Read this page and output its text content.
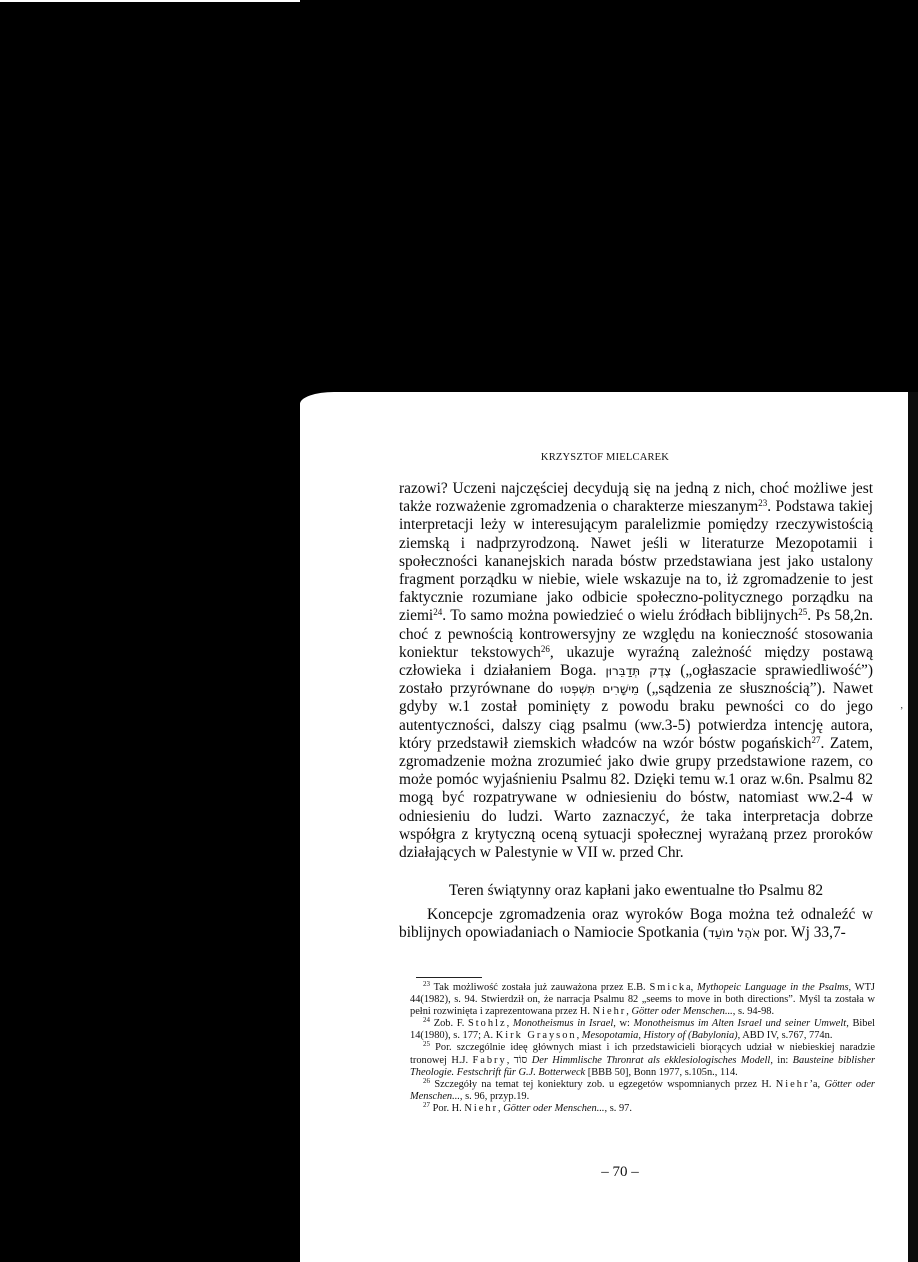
KRZYSZTOF MIELCAREK

razowi? Uczeni najczęściej decydują się na jedną z nich, choć możliwe jest także rozważenie zgromadzenia o charakterze mieszanym$^{23}$. Podstawa takiej interpretacji leży w interesującym paralelizmie pomiędzy rzeczywistością ziemską i nadprzyrodzoną. Nawet jeśli w literaturze Mezopotamii i społeczności kananejskich narada bóstw przedstawiana jest jako ustalony fragment porządku w niebie, wiele wskazuje na to, iż zgromadzenie to jest faktycznie rozumiane jako odbicie społeczno-politycznego porządku na ziemi$^{24}$. To samo można powiedzieć o wielu źródłach biblijnych$^{25}$. Ps 58,2n. choć z pewnością kontrowersyjny ze względu na konieczność stosowania koniektur tekstowych$^{26}$, ukazuje wyraźną zależność między postawą człowieka i działaniem Boga. צֶדֶק תְּדַבֵּרוּן („ogłaszacie sprawiedliwość”) zostało przyrównane do מֵישָׁרִים תִּשְׁפְּטוּ („sądzenia ze słusznością”). Nawet gdyby w.1 został pominięty z powodu braku pewności co do jego autentyczności, dalszy ciąg psalmu (ww.3-5) potwierdza intencję autora, który przedstawił ziemskich władców na wzór bóstw pogańskich$^{27}$. Zatem, zgromadzenie można zrozumieć jako dwie grupy przedstawione razem, co może pomóc wyjaśnieniu Psalmu 82. Dzięki temu w.1 oraz w.6n. Psalmu 82 mogą być rozpatrywane w odniesieniu do bóstw, natomiast ww.2-4 w odniesieniu do ludzi. Warto zaznaczyć, że taka interpretacja dobrze współgra z krytyczną oceną sytuacji społecznej wyrażaną przez proroków działających w Palestynie w VII w. przed Chr.

Teren świątynny oraz kapłani jako ewentualne tło Psalmu 82

Koncepcje zgromadzenia oraz wyroków Boga można też odnaleźć w biblijnych opowiadaniach o Namiocie Spotkania (אֹהֶל מוֹעֵד por. Wj 33,7-

$^{23}$ Tak możliwość została już zauważona przez E.B. Smicka, Mythopeic Language in the Psalms, WTJ 44(1982), s. 94. Stwierdził on, że narracja Psalmu 82 „seems to move in both directions”. Myśl ta została w pełni rozwinięta i zaprezentowana przez H. Niehr, Götter oder Menschen..., s. 94-98.

$^{24}$ Zob. F. Stohlz, Monotheismus in Israel, w: Monotheismus im Alten Israel und seiner Umwelt, Bibel 14(1980), s. 177; A. Kirk Grayson, Mesopotamia, History of (Babylonia), ABD IV, s.767, 774n.

$^{25}$ Por. szczególnie ideę głównych miast i ich przedstawicieli biorących udział w niebieskiej naradzie tronowej H.J. Fabry, סוֹד Der Himmlische Thronrat als ekklesiologisches Modell, in: Bausteine biblisher Theologie. Festschrift für G.J. Botterweck [BBB 50], Bonn 1977, s.105n., 114.

$^{26}$ Szczegóły na temat tej koniektury zob. u egzegetów wspomnianych przez H. Niehr’a, Götter oder Menschen..., s. 96, przyp.19.

$^{27}$ Por. H. Niehr, Götter oder Menschen..., s. 97.

‚
– 70 –
